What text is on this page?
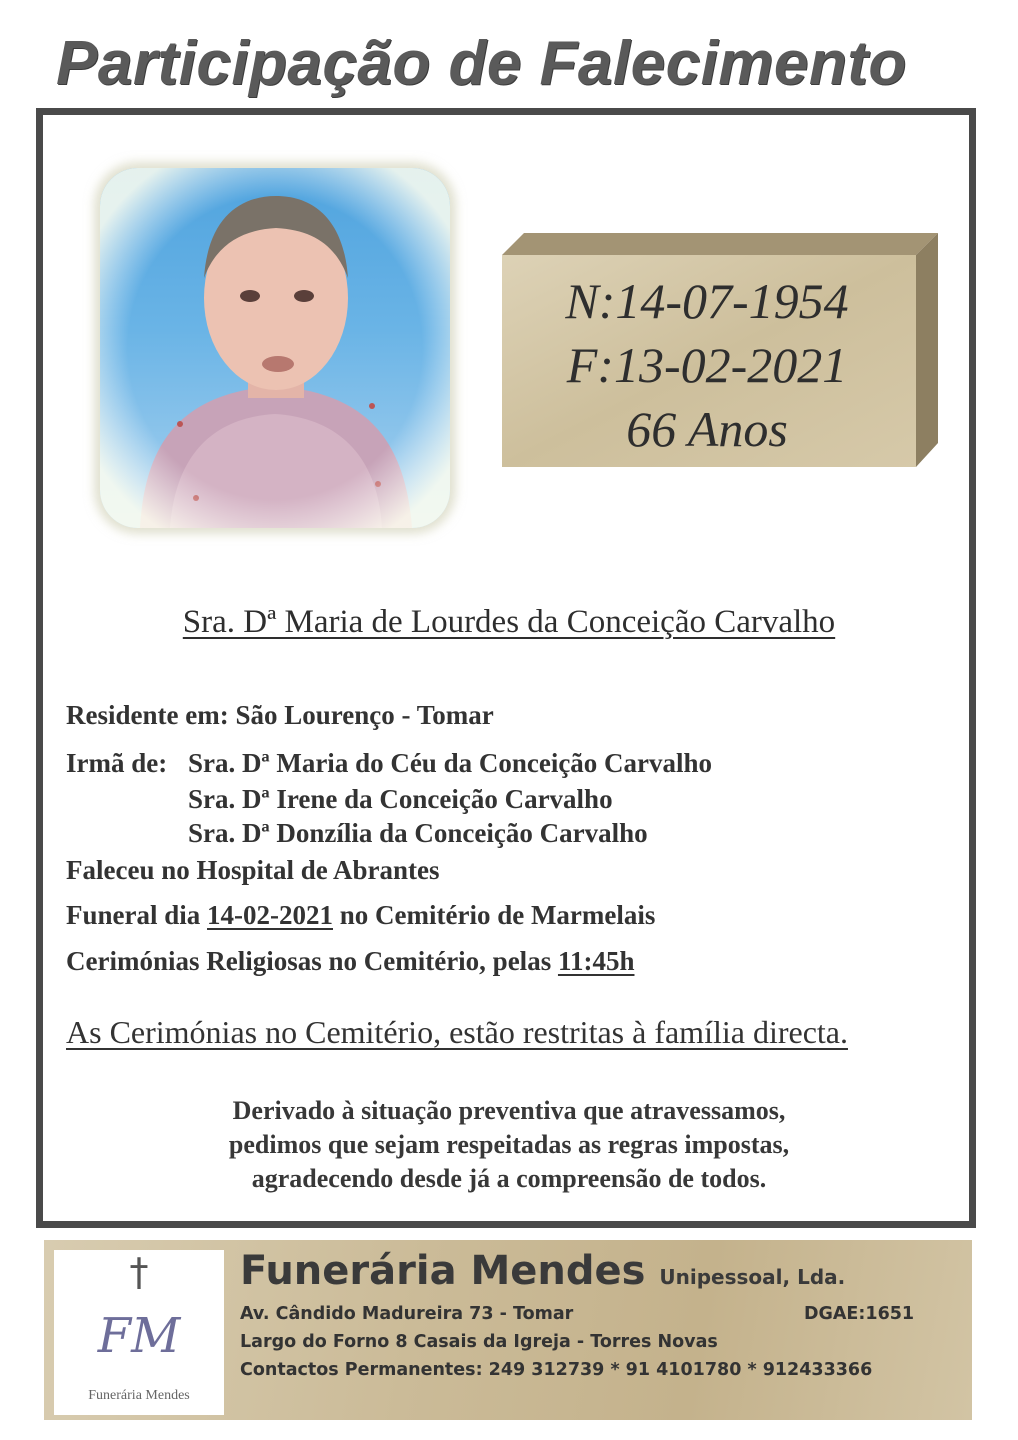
Participação de Falecimento
N:14-07-1954
F:13-02-2021
66 Anos
Sra. Dª Maria de Lourdes da Conceição Carvalho
Residente em: São Lourenço - Tomar
Irmã de: Sra. Dª Maria do Céu da Conceição Carvalho
Sra. Dª Irene da Conceição Carvalho
Sra. Dª Donzília da Conceição Carvalho
Faleceu no Hospital de Abrantes
Funeral dia 14-02-2021 no Cemitério de Marmelais
Cerimónias Religiosas no Cemitério, pelas 11:45h
As Cerimónias no Cemitério, estão restritas à família directa.
Derivado à situação preventiva que atravessamos,
pedimos que sejam respeitadas as regras impostas,
agradecendo desde já a compreensão de todos.
†
FM
Funerária Mendes
Funerária Mendes Unipessoal, Lda.
Av. Cândido Madureira 73 - Tomar	DGAE:1651
Largo do Forno 8 Casais da Igreja - Torres Novas
Contactos Permanentes: 249 312739 * 91 4101780 * 912433366
